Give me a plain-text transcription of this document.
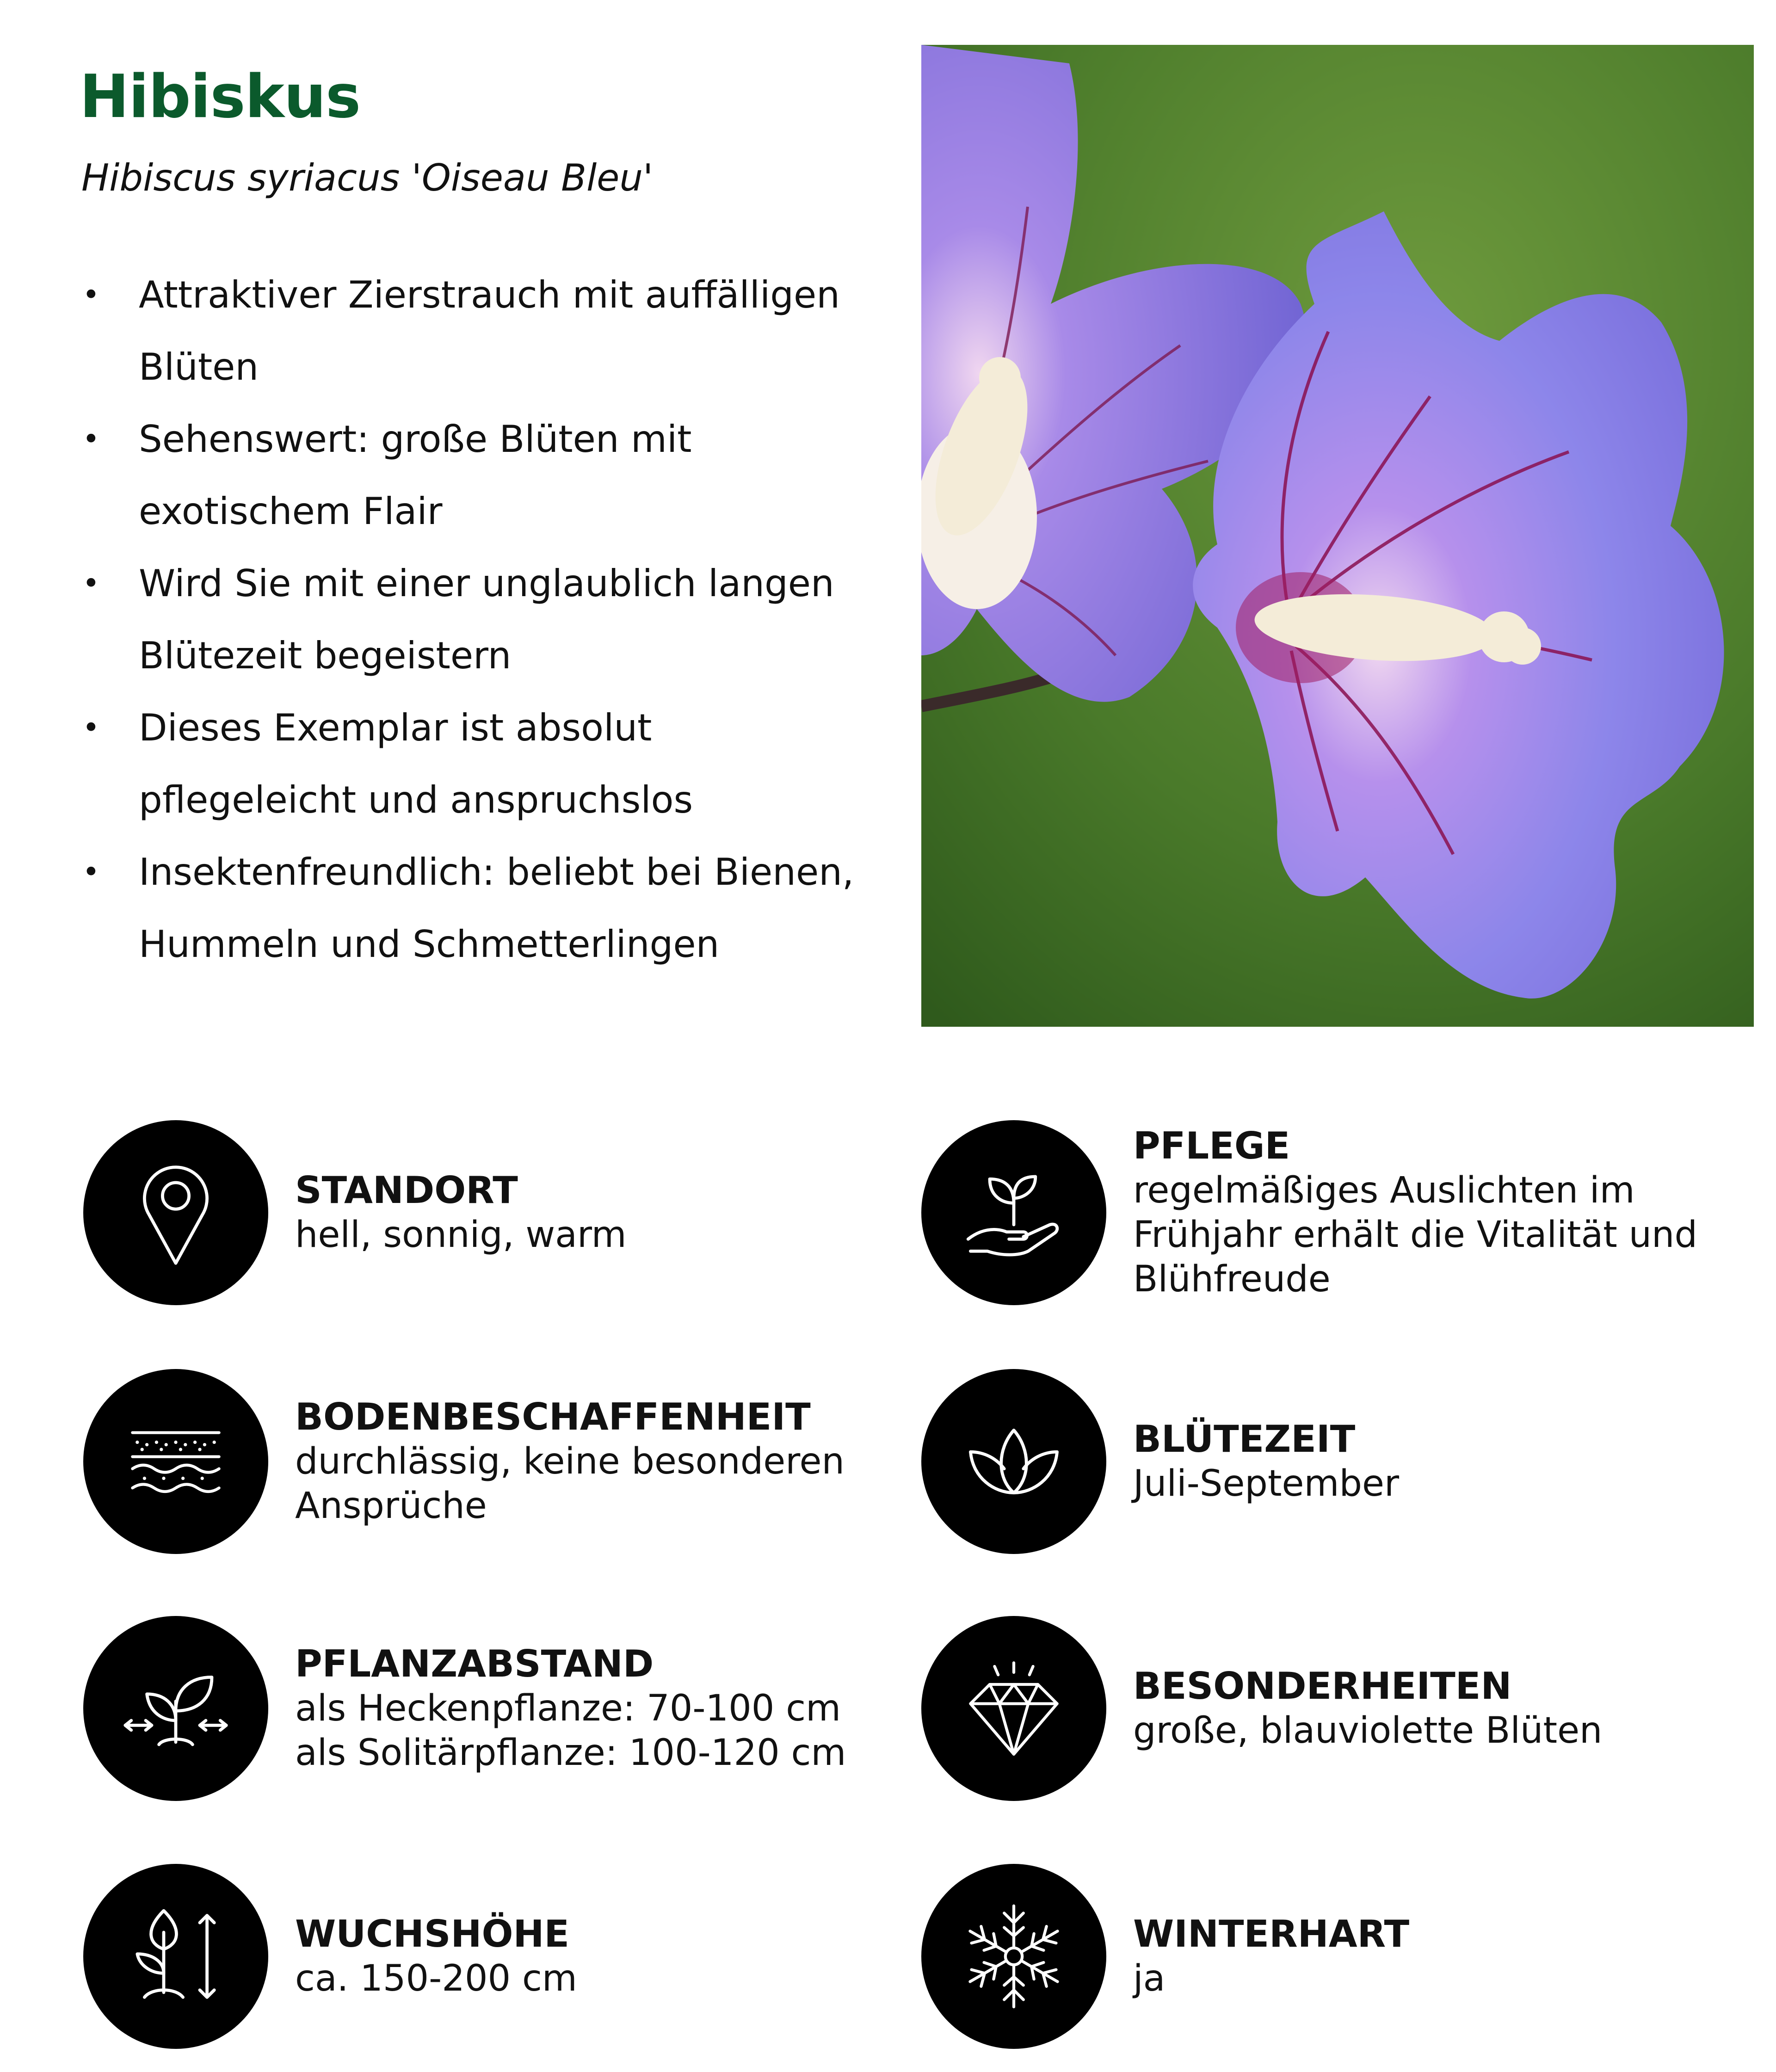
Hibiskus
Hibiscus syriacus 'Oiseau Bleu'
• Attraktiver Zierstrauch mit auffälligen Blüten
• Sehenswert: große Blüten mit exotischem Flair
• Wird Sie mit einer unglaublich langen Blütezeit begeistern
• Dieses Exemplar ist absolut pflegeleicht und anspruchslos
• Insektenfreundlich: beliebt bei Bienen, Hummeln und Schmetterlingen
STANDORT
hell, sonnig, warm
PFLEGE
regelmäßiges Auslichten im Frühjahr erhält die Vitalität und Blühfreude
BODENBESCHAFFENHEIT
durchlässig, keine besonderen Ansprüche
BLÜTEZEIT
Juli-September
PFLANZABSTAND
als Heckenpflanze: 70-100 cm
als Solitärpflanze: 100-120 cm
BESONDERHEITEN
große, blauviolette Blüten
WUCHSHÖHE
ca. 150-200 cm
WINTERHART
ja
